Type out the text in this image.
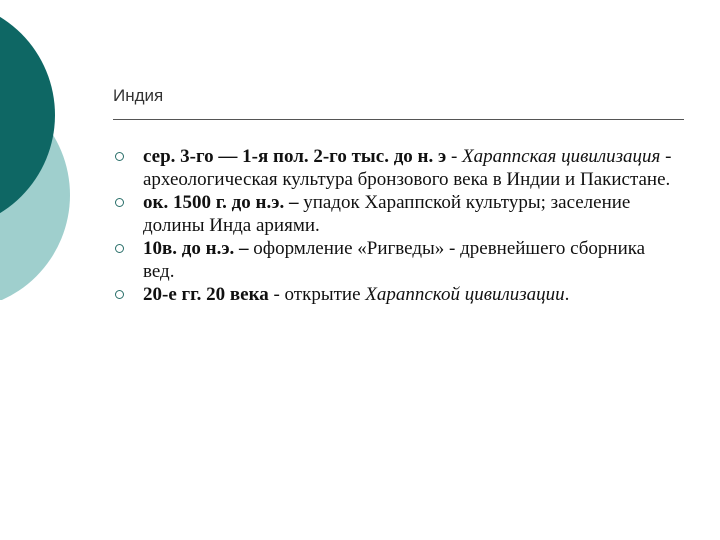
Индия
сер. 3-го — 1-я пол. 2-го тыс. до н. э - Хараппская цивилизация - археологическая культура бронзового века в Индии и Пакистане.
ок. 1500 г. до н.э. – упадок Хараппской культуры; заселение долины Инда ариями.
10в. до н.э. – оформление «Ригведы» - древнейшего сборника вед.
20-е гг. 20 века - открытие Хараппской цивилизации.
